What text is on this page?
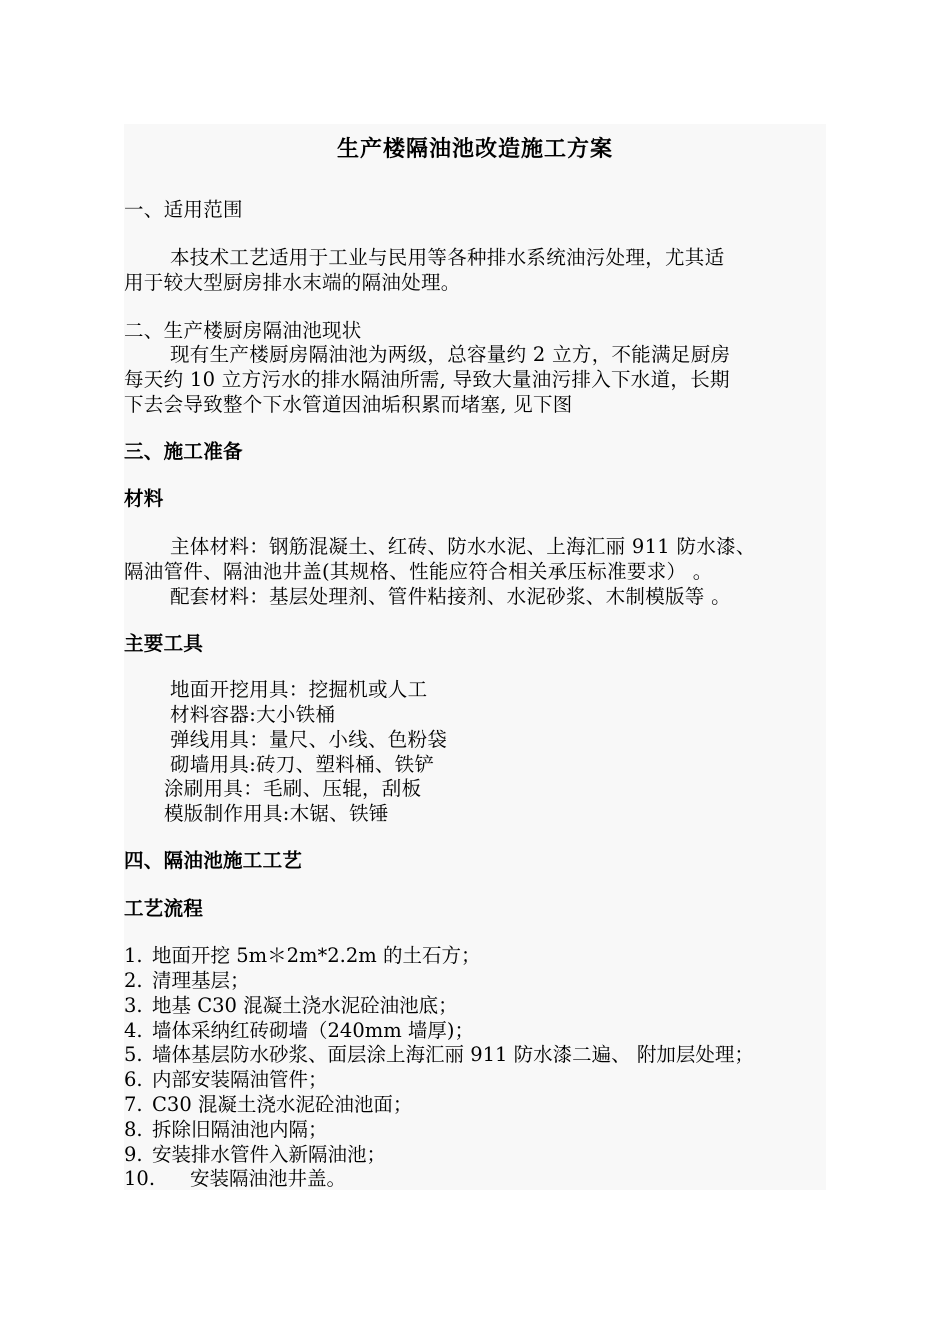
生产楼隔油池改造施工方案
一、适用范围
本技术工艺适用于工业与民用等各种排水系统油污处理，尤其适
用于较大型厨房排水末端的隔油处理。
二、生产楼厨房隔油池现状
现有生产楼厨房隔油池为两级，总容量约 2 立方，不能满足厨房
每天约 10 立方污水的排水隔油所需, 导致大量油污排入下水道，长期
下去会导致整个下水管道因油垢积累而堵塞, 见下图
三、施工准备
材料
主体材料：钢筋混凝土、红砖、防水水泥、上海汇丽 911 防水漆、
隔油管件、隔油池井盖(其规格、性能应符合相关承压标准要求） 。
配套材料：基层处理剂、管件粘接剂、水泥砂浆、木制模版等 。
主要工具
地面开挖用具：挖掘机或人工
材料容器:大小铁桶
弹线用具：量尺、小线、色粉袋
砌墙用具:砖刀、塑料桶、铁铲
涂刷用具：毛刷、压辊，刮板
模版制作用具:木锯、铁锤
四、隔油池施工工艺
工艺流程
1. 地面开挖 5m＊2m*2.2m 的土石方；
2. 清理基层；
3. 地基 C30 混凝土浇水泥砼油池底；
4. 墙体采纳红砖砌墙（240mm 墙厚)；
5. 墙体基层防水砂浆、面层涂上海汇丽 911 防水漆二遍、 附加层处理；
6. 内部安装隔油管件；
7. C30 混凝土浇水泥砼油池面；
8. 拆除旧隔油池内隔；
9. 安装排水管件入新隔油池；
10. 安装隔油池井盖。
